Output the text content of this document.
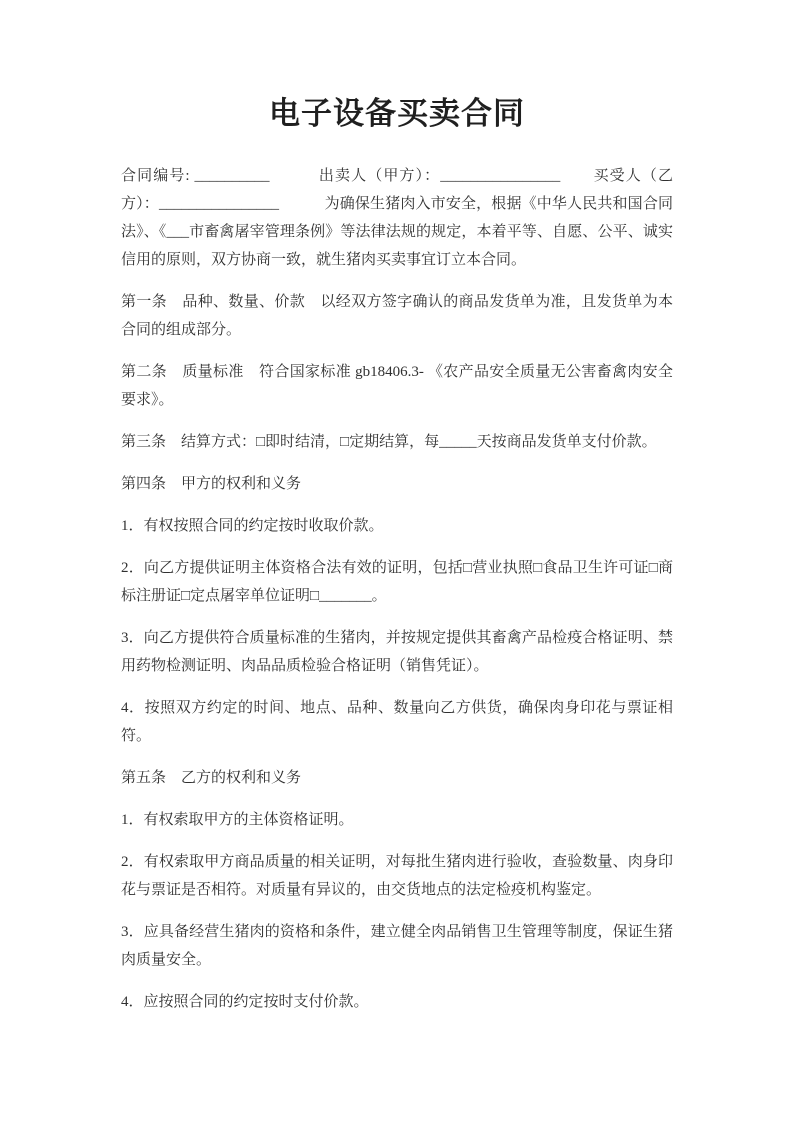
电子设备买卖合同

合同编号: __________　　　出卖人（甲方）：________________　　买受人（乙方）：________________　　　为确保生猪肉入市安全，根据《中华人民共和国合同法》、《___市畜禽屠宰管理条例》等法律法规的规定，本着平等、自愿、公平、诚实信用的原则，双方协商一致，就生猪肉买卖事宜订立本合同。

第一条　品种、数量、价款　以经双方签字确认的商品发货单为准，且发货单为本合同的组成部分。

第二条　质量标准　符合国家标准 gb18406.3- 《农产品安全质量无公害畜禽肉安全要求》。

第三条　结算方式：□即时结清，□定期结算，每_____天按商品发货单支付价款。

第四条　甲方的权利和义务

1．有权按照合同的约定按时收取价款。

2．向乙方提供证明主体资格合法有效的证明，包括□营业执照□食品卫生许可证□商标注册证□定点屠宰单位证明□_______。

3．向乙方提供符合质量标准的生猪肉，并按规定提供其畜禽产品检疫合格证明、禁用药物检测证明、肉品品质检验合格证明（销售凭证）。

4．按照双方约定的时间、地点、品种、数量向乙方供货，确保肉身印花与票证相符。

第五条　乙方的权利和义务

1．有权索取甲方的主体资格证明。

2．有权索取甲方商品质量的相关证明，对每批生猪肉进行验收，查验数量、肉身印花与票证是否相符。对质量有异议的，由交货地点的法定检疫机构鉴定。

3．应具备经营生猪肉的资格和条件，建立健全肉品销售卫生管理等制度，保证生猪肉质量安全。

4．应按照合同的约定按时支付价款。
